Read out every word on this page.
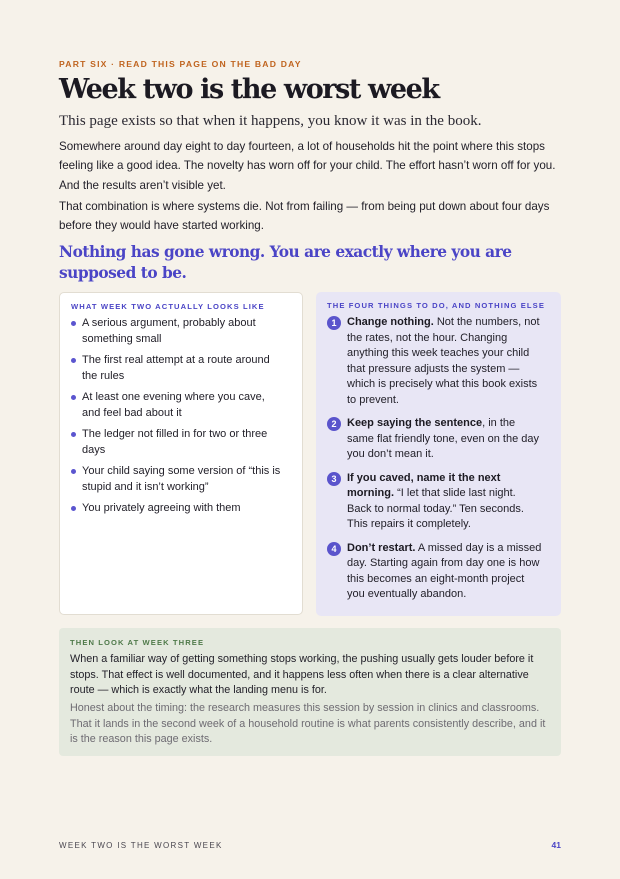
PART SIX · READ THIS PAGE ON THE BAD DAY
Week two is the worst week

This page exists so that when it happens, you know it was in the book.

Somewhere around day eight to day fourteen, a lot of households hit the point where this stops feeling like a good idea. The novelty has worn off for your child. The effort hasn’t worn off for you. And the results aren’t visible yet.

That combination is where systems die. Not from failing — from being put down about four days before they would have started working.

Nothing has gone wrong. You are exactly where you are supposed to be.

WHAT WEEK TWO ACTUALLY LOOKS LIKE
A serious argument, probably about something small
The first real attempt at a route around the rules
At least one evening where you cave, and feel bad about it
The ledger not filled in for two or three days
Your child saying some version of “this is stupid and it isn’t working”
You privately agreeing with them
THE FOUR THINGS TO DO, AND NOTHING ELSE
1 Change nothing. Not the numbers, not the rates, not the hour. Changing anything this week teaches your child that pressure adjusts the system — which is precisely what this book exists to prevent.
2 Keep saying the sentence, in the same flat friendly tone, even on the day you don’t mean it.
3 If you caved, name it the next morning. “I let that slide last night. Back to normal today.” Ten seconds. This repairs it completely.
4 Don’t restart. A missed day is a missed day. Starting again from day one is how this becomes an eight-month project you eventually abandon.
THEN LOOK AT WEEK THREE

When a familiar way of getting something stops working, the pushing usually gets louder before it stops. That effect is well documented, and it happens less often when there is a clear alternative route — which is exactly what the landing menu is for.

Honest about the timing: the research measures this session by session in clinics and classrooms. That it lands in the second week of a household routine is what parents consistently describe, and it is the reason this page exists.

WEEK TWO IS THE WORST WEEK	41
